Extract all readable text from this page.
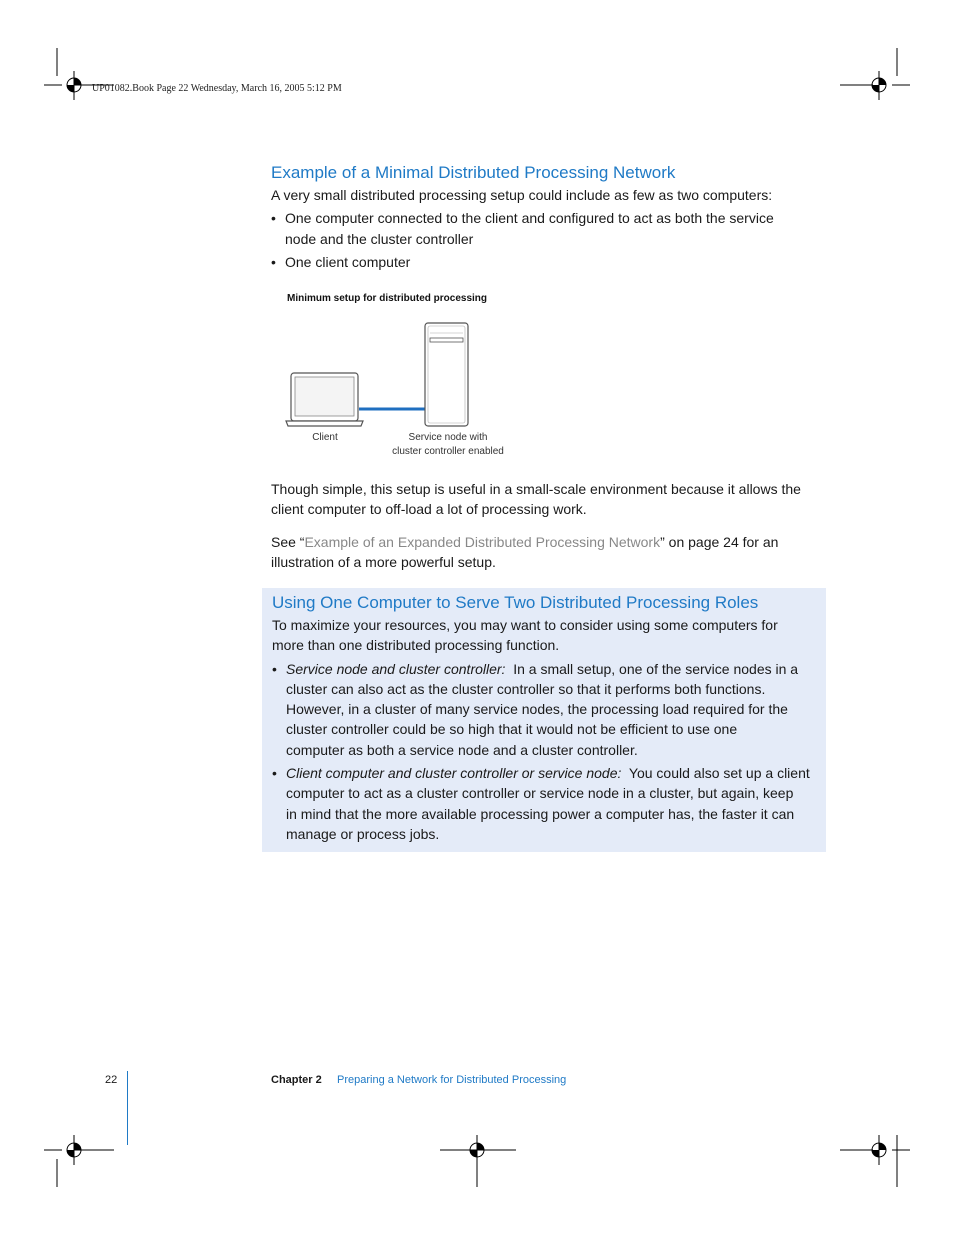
UP01082.Book Page 22 Wednesday, March 16, 2005 5:12 PM
Example of a Minimal Distributed Processing Network

A very small distributed processing setup could include as few as two computers:

• One computer connected to the client and configured to act as both the service
node and the cluster controller
• One client computer
Minimum setup for distributed processing
Client	Service node with
cluster controller enabled
Though simple, this setup is useful in a small-scale environment because it allows the
client computer to off-load a lot of processing work.
See “Example of an Expanded Distributed Processing Network” on page 24 for an
illustration of a more powerful setup.
Using One Computer to Serve Two Distributed Processing Roles
To maximize your resources, you may want to consider using some computers for
more than one distributed processing function.
• Service node and cluster controller: In a small setup, one of the service nodes in a
cluster can also act as the cluster controller so that it performs both functions.
However, in a cluster of many service nodes, the processing load required for the
cluster controller could be so high that it would not be efficient to use one
computer as both a service node and a cluster controller.
• Client computer and cluster controller or service node: You could also set up a client
computer to act as a cluster controller or service node in a cluster, but again, keep
in mind that the more available processing power a computer has, the faster it can
manage or process jobs.
22	Chapter 2 Preparing a Network for Distributed Processing
